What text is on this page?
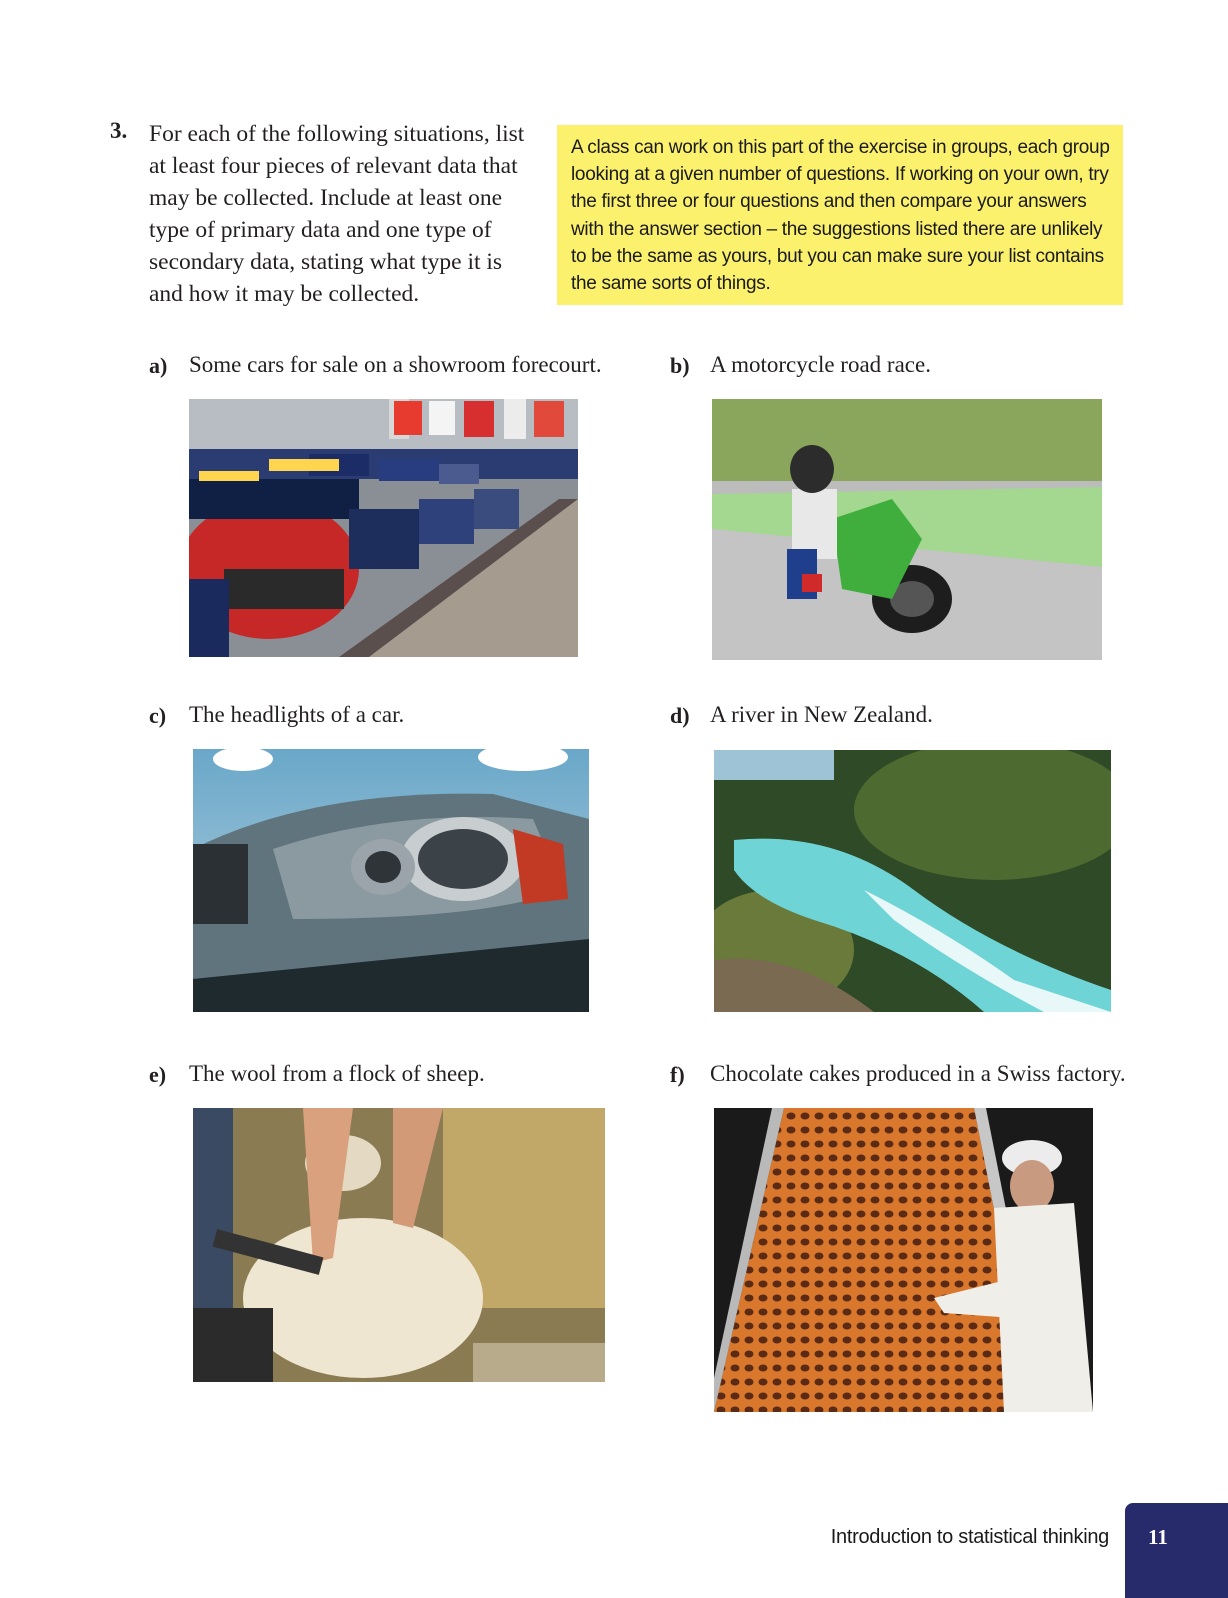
3. For each of the following situations, list at least four pieces of relevant data that may be collected. Include at least one type of primary data and one type of secondary data, stating what type it is and how it may be collected.
A class can work on this part of the exercise in groups, each group looking at a given number of questions. If working on your own, try the first three or four questions and then compare your answers with the answer section – the suggestions listed there are unlikely to be the same as yours, but you can make sure your list contains the same sorts of things.
a) Some cars for sale on a showroom forecourt.	b) A motorcycle road race.
c) The headlights of a car.	d) A river in New Zealand.
e) The wool from a flock of sheep.	f) Chocolate cakes produced in a Swiss factory.
Introduction to statistical thinking 11
